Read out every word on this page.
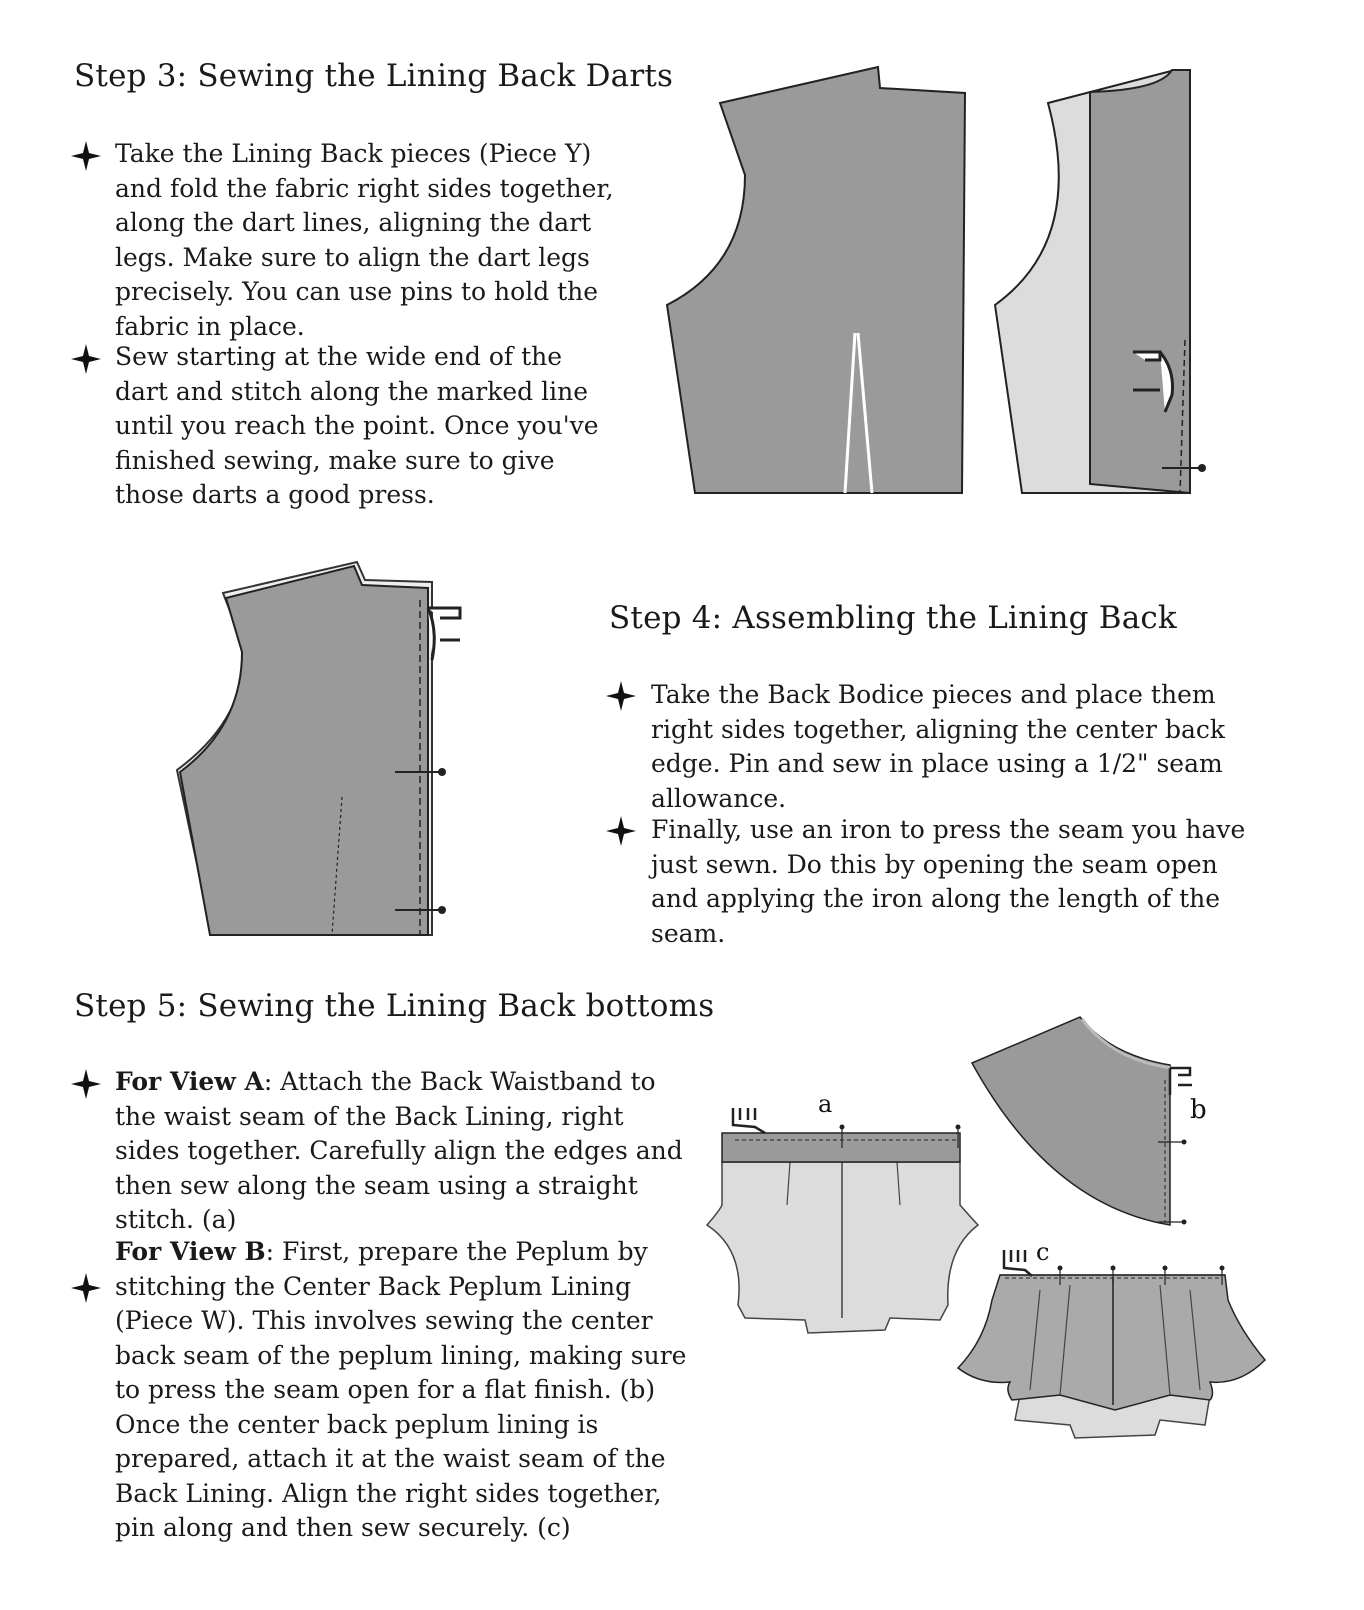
Step 3: Sewing the Lining Back Darts

Take the Lining Back pieces (Piece Y) and fold the fabric right sides together, along the dart lines, aligning the dart legs. Make sure to align the dart legs precisely. You can use pins to hold the fabric in place.

Sew starting at the wide end of the dart and stitch along the marked line until you reach the point. Once you've finished sewing, make sure to give those darts a good press.

Step 4: Assembling the Lining Back

Take the Back Bodice pieces and place them right sides together, aligning the center back edge. Pin and sew in place using a 1/2" seam allowance.

Finally, use an iron to press the seam you have just sewn. Do this by opening the seam open and applying the iron along the length of the seam.

Step 5: Sewing the Lining Back bottoms

For View A: Attach the Back Waistband to the waist seam of the Back Lining, right sides together. Carefully align the edges and then sew along the seam using a straight stitch. (a)

For View B: First, prepare the Peplum by stitching the Center Back Peplum Lining (Piece W). This involves sewing the center back seam of the peplum lining, making sure to press the seam open for a flat finish. (b) Once the center back peplum lining is prepared, attach it at the waist seam of the Back Lining. Align the right sides together, pin along and then sew securely. (c)

a	b
c
